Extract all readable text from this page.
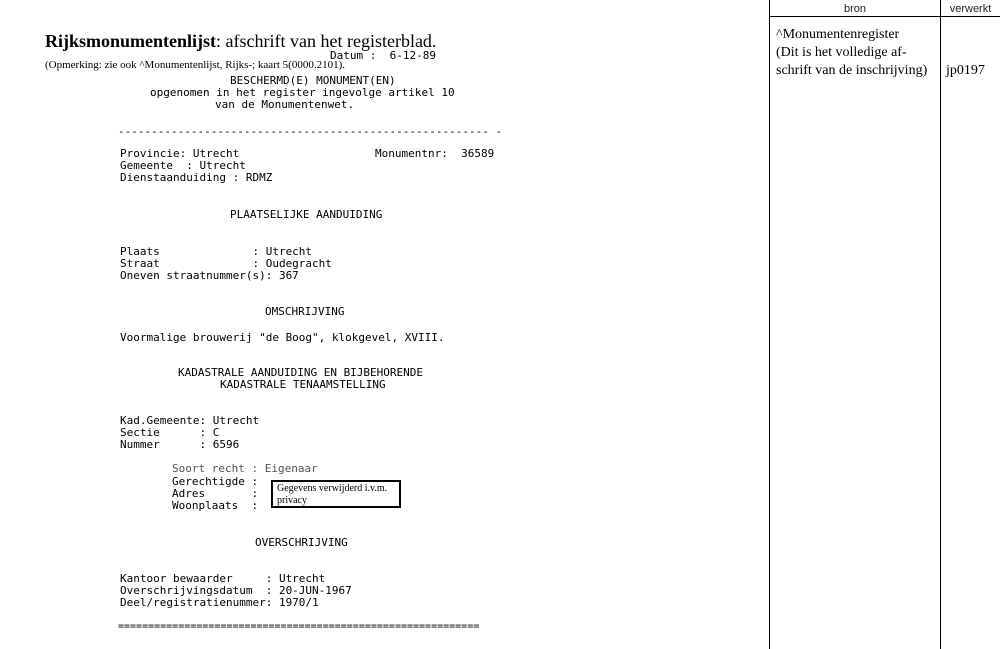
Rijksmonumentenlijst: afschrift van het registerblad.
(Opmerking: zie ook ^Monumentenlijst, Rijks-; kaart 5(0000.2101).

bron	verwerkt
^Monumentenregister
(Dit is het volledige af-
schrift van de inschrijving) jp0197
Datum :  6-12-89
BESCHERMD(E) MONUMENT(EN)
opgenomen in het register ingevolge artikel 10
van de Monumentenwet.
-------------------------------------------------------- -
Provincie: Utrecht	Monumentnr:  36589
Gemeente  : Utrecht
Dienstaanduiding : RDMZ
PLAATSELIJKE AANDUIDING
Plaats              : Utrecht
Straat              : Oudegracht
Oneven straatnummer(s): 367
OMSCHRIJVING
Voormalige brouwerij "de Boog", klokgevel, XVIII.
KADASTRALE AANDUIDING EN BIJBEHORENDE
KADASTRALE TENAAMSTELLING
Kad.Gemeente: Utrecht
Sectie      : C
Nummer      : 6596
Soort recht : Eigenaar
Gerechtigde :
Adres       :
Woonplaats  :
Gegevens verwijderd i.v.m. privacy
OVERSCHRIJVING
Kantoor bewaarder     : Utrecht
Overschrijvingsdatum  : 20-JUN-1967
Deel/registratienummer: 1970/1
============================================================
